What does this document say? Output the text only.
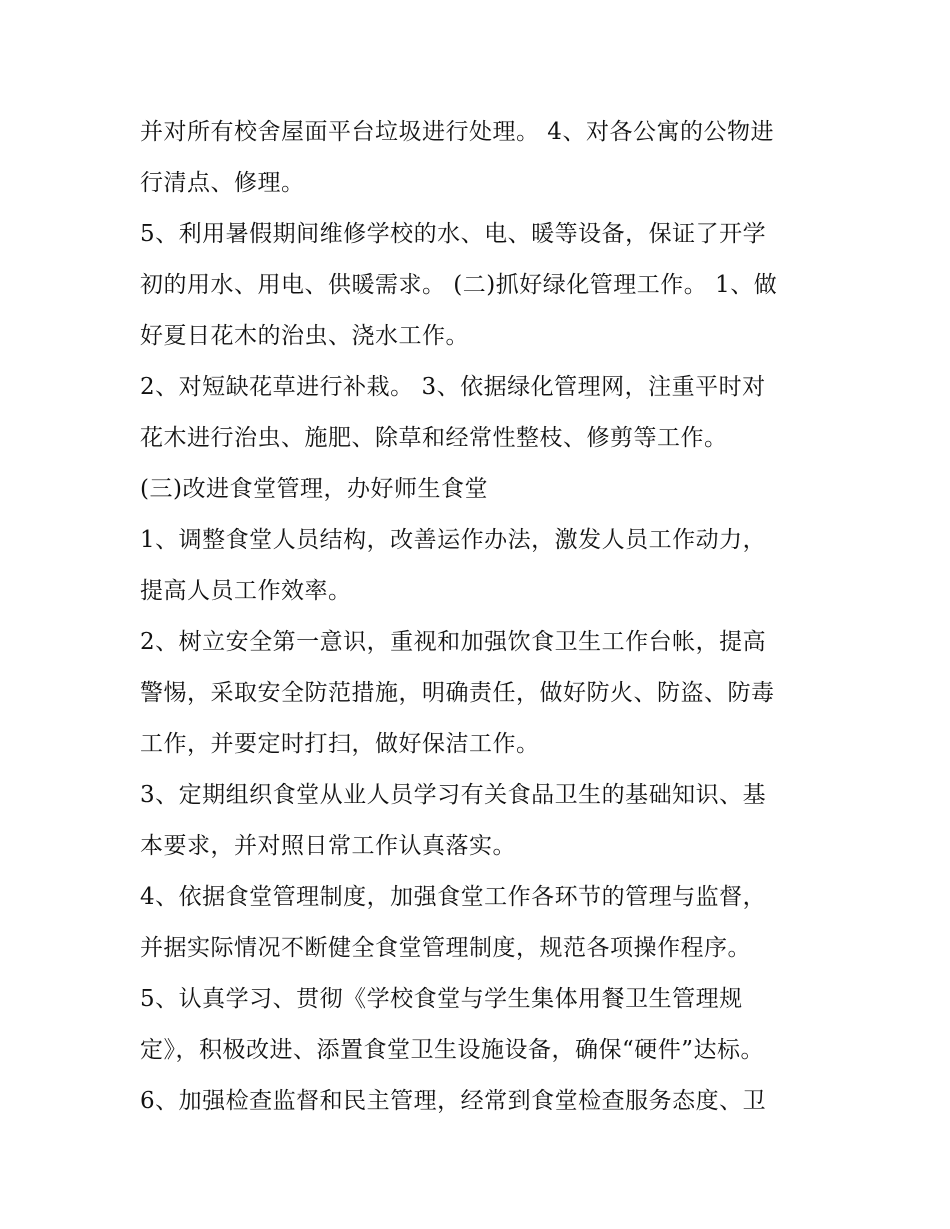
并对所有校舍屋面平台垃圾进行处理。 4、对各公寓的公物进

行清点、修理。

5、利用暑假期间维修学校的水、电、暖等设备，保证了开学

初的用水、用电、供暖需求。 (二)抓好绿化管理工作。 1、做

好夏日花木的治虫、浇水工作。

2、对短缺花草进行补栽。 3、依据绿化管理网，注重平时对

花木进行治虫、施肥、除草和经常性整枝、修剪等工作。

(三)改进食堂管理，办好师生食堂

1、调整食堂人员结构，改善运作办法，激发人员工作动力，

提高人员工作效率。

2、树立安全第一意识，重视和加强饮食卫生工作台帐，提高

警惕，采取安全防范措施，明确责任，做好防火、防盗、防毒

工作，并要定时打扫，做好保洁工作。

3、定期组织食堂从业人员学习有关食品卫生的基础知识、基

本要求，并对照日常工作认真落实。

4、依据食堂管理制度，加强食堂工作各环节的管理与监督，

并据实际情况不断健全食堂管理制度，规范各项操作程序。

5、认真学习、贯彻《学校食堂与学生集体用餐卫生管理规

定》，积极改进、添置食堂卫生设施设备，确保“硬件”达标。

6、加强检查监督和民主管理，经常到食堂检查服务态度、卫
